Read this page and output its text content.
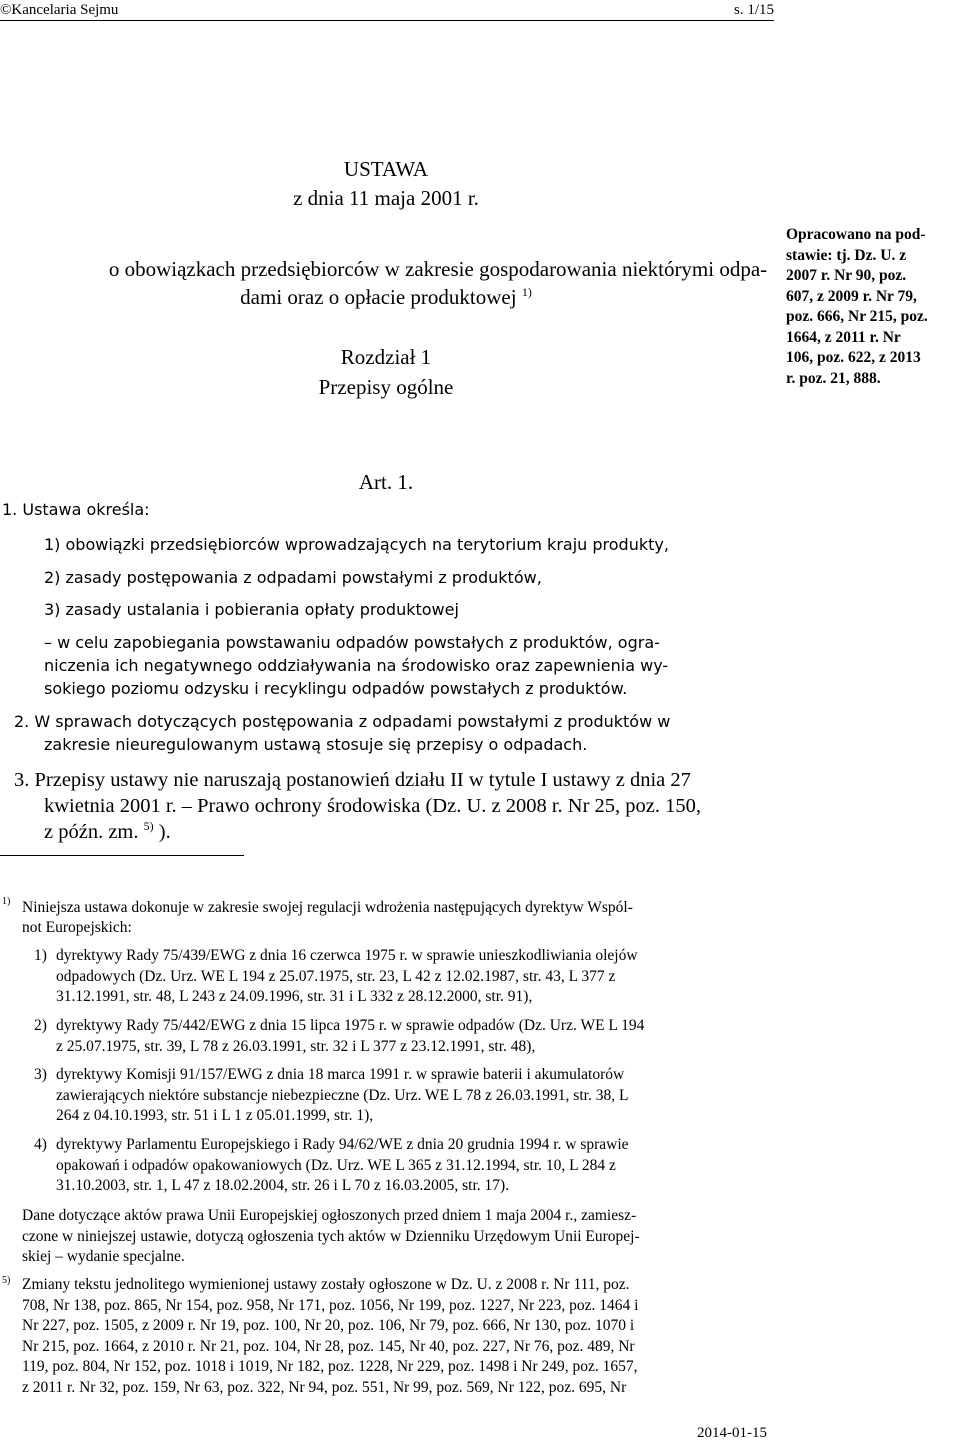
©Kancelaria Sejmu	s. 1/15
USTAWA
z dnia 11 maja 2001 r.
o obowiązkach przedsiębiorców w zakresie gospodarowania niektórymi odpa-
dami oraz o opłacie produktowej $^{1)}$
Opracowano na pod-
stawie: tj. Dz. U. z
2007 r. Nr 90, poz.
607, z 2009 r. Nr 79,
poz. 666, Nr 215, poz.
1664, z 2011 r. Nr
106, poz. 622, z 2013
r. poz. 21, 888.
Rozdział 1
Przepisy ogólne
Art. 1.
1. Ustawa określa:
1) obowiązki przedsiębiorców wprowadzających na terytorium kraju produkty,
2) zasady postępowania z odpadami powstałymi z produktów,
3) zasady ustalania i pobierania opłaty produktowej
– w celu zapobiegania powstawaniu odpadów powstałych z produktów, ogra-
niczenia ich negatywnego oddziaływania na środowisko oraz zapewnienia wy-
sokiego poziomu odzysku i recyklingu odpadów powstałych z produktów.
2. W sprawach dotyczących postępowania z odpadami powstałymi z produktów w
zakresie nieuregulowanym ustawą stosuje się przepisy o odpadach.
3. Przepisy ustawy nie naruszają postanowień działu II w tytule I ustawy z dnia 27
kwietnia 2001 r. – Prawo ochrony środowiska (Dz. U. z 2008 r. Nr 25, poz. 150,
z późn. zm. $^{5)}$ ).
1) Niniejsza ustawa dokonuje w zakresie swojej regulacji wdrożenia następujących dyrektyw Wspól-
not Europejskich:
1) dyrektywy Rady 75/439/EWG z dnia 16 czerwca 1975 r. w sprawie unieszkodliwiania olejów
odpadowych (Dz. Urz. WE L 194 z 25.07.1975, str. 23, L 42 z 12.02.1987, str. 43, L 377 z
31.12.1991, str. 48, L 243 z 24.09.1996, str. 31 i L 332 z 28.12.2000, str. 91),
2) dyrektywy Rady 75/442/EWG z dnia 15 lipca 1975 r. w sprawie odpadów (Dz. Urz. WE L 194
z 25.07.1975, str. 39, L 78 z 26.03.1991, str. 32 i L 377 z 23.12.1991, str. 48),
3) dyrektywy Komisji 91/157/EWG z dnia 18 marca 1991 r. w sprawie baterii i akumulatorów
zawierających niektóre substancje niebezpieczne (Dz. Urz. WE L 78 z 26.03.1991, str. 38, L
264 z 04.10.1993, str. 51 i L 1 z 05.01.1999, str. 1),
4) dyrektywy Parlamentu Europejskiego i Rady 94/62/WE z dnia 20 grudnia 1994 r. w sprawie
opakowań i odpadów opakowaniowych (Dz. Urz. WE L 365 z 31.12.1994, str. 10, L 284 z
31.10.2003, str. 1, L 47 z 18.02.2004, str. 26 i L 70 z 16.03.2005, str. 17).
Dane dotyczące aktów prawa Unii Europejskiej ogłoszonych przed dniem 1 maja 2004 r., zamiesz-
czone w niniejszej ustawie, dotyczą ogłoszenia tych aktów w Dzienniku Urzędowym Unii Europej-
skiej – wydanie specjalne.
5) Zmiany tekstu jednolitego wymienionej ustawy zostały ogłoszone w Dz. U. z 2008 r. Nr 111, poz.
708, Nr 138, poz. 865, Nr 154, poz. 958, Nr 171, poz. 1056, Nr 199, poz. 1227, Nr 223, poz. 1464 i
Nr 227, poz. 1505, z 2009 r. Nr 19, poz. 100, Nr 20, poz. 106, Nr 79, poz. 666, Nr 130, poz. 1070 i
Nr 215, poz. 1664, z 2010 r. Nr 21, poz. 104, Nr 28, poz. 145, Nr 40, poz. 227, Nr 76, poz. 489, Nr
119, poz. 804, Nr 152, poz. 1018 i 1019, Nr 182, poz. 1228, Nr 229, poz. 1498 i Nr 249, poz. 1657,
z 2011 r. Nr 32, poz. 159, Nr 63, poz. 322, Nr 94, poz. 551, Nr 99, poz. 569, Nr 122, poz. 695, Nr
2014-01-15
